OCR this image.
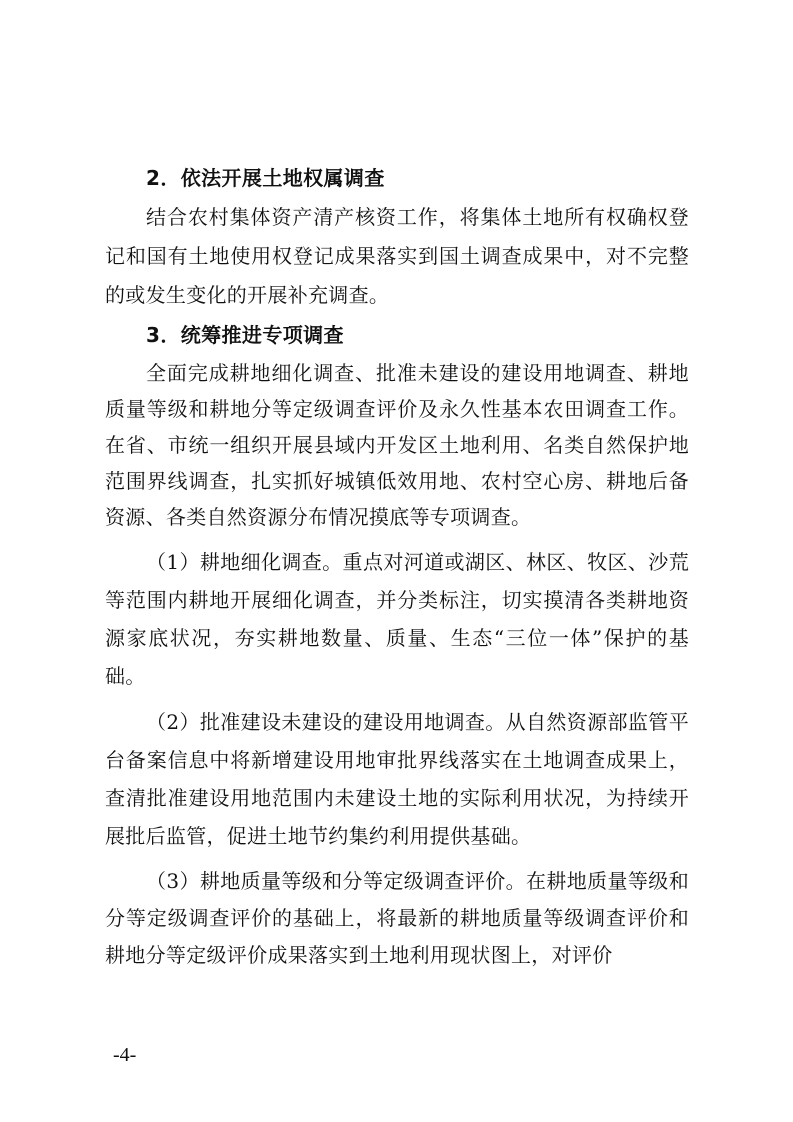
2．依法开展土地权属调查

结合农村集体资产清产核资工作，将集体土地所有权确权登记和国有土地使用权登记成果落实到国土调查成果中，对不完整的或发生变化的开展补充调查。

3．统筹推进专项调查

全面完成耕地细化调查、批准未建设的建设用地调查、耕地质量等级和耕地分等定级调查评价及永久性基本农田调查工作。在省、市统一组织开展县域内开发区土地利用、名类自然保护地范围界线调查，扎实抓好城镇低效用地、农村空心房、耕地后备资源、各类自然资源分布情况摸底等专项调查。

（1）耕地细化调查。重点对河道或湖区、林区、牧区、沙荒等范围内耕地开展细化调查，并分类标注，切实摸清各类耕地资源家底状况，夯实耕地数量、质量、生态“三位一体”保护的基础。

（2）批准建设未建设的建设用地调查。从自然资源部监管平台备案信息中将新增建设用地审批界线落实在土地调查成果上，查清批准建设用地范围内未建设土地的实际利用状况，为持续开展批后监管，促进土地节约集约利用提供基础。

（3）耕地质量等级和分等定级调查评价。在耕地质量等级和分等定级调查评价的基础上，将最新的耕地质量等级调查评价和耕地分等定级评价成果落实到土地利用现状图上，对评价

-4-
